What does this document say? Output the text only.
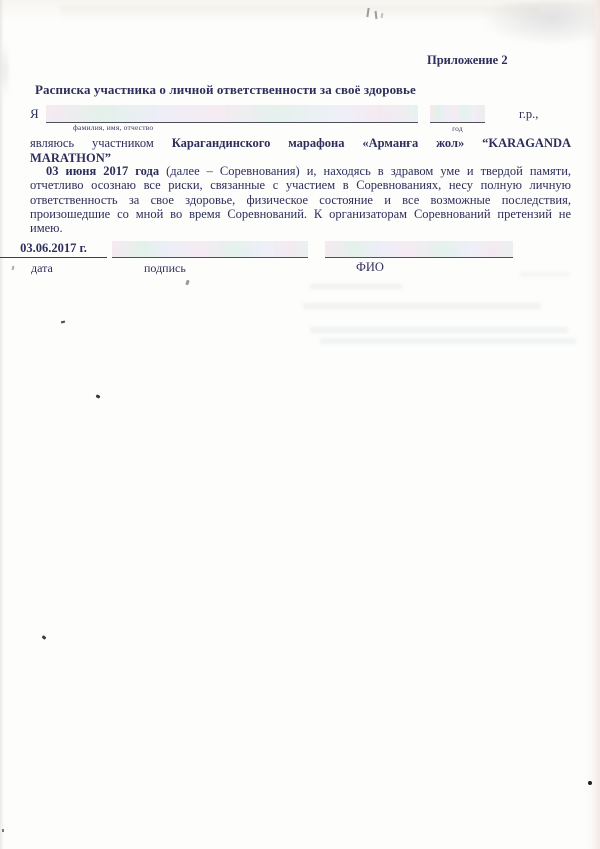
Приложение 2
Расписка участника о личной ответственности за своё здоровье
Я
фамилия, имя, отчество	год
г.р.,
являюсь участником Карагандинского марафона «Арманға жол» “KARAGANDA
MARATHON”

03 июня 2017 года (далее – Соревнования) и, находясь в здравом уме и твердой памяти, отчетливо осознаю все риски, связанные с участием в Соревнованиях, несу полную личную ответственность за свое здоровье, физическое состояние и все возможные последствия, произошедшие со мной во время Соревнований. К организаторам Соревнований претензий не имею.

03.06.2017 г.
дата	подпись	ФИО
